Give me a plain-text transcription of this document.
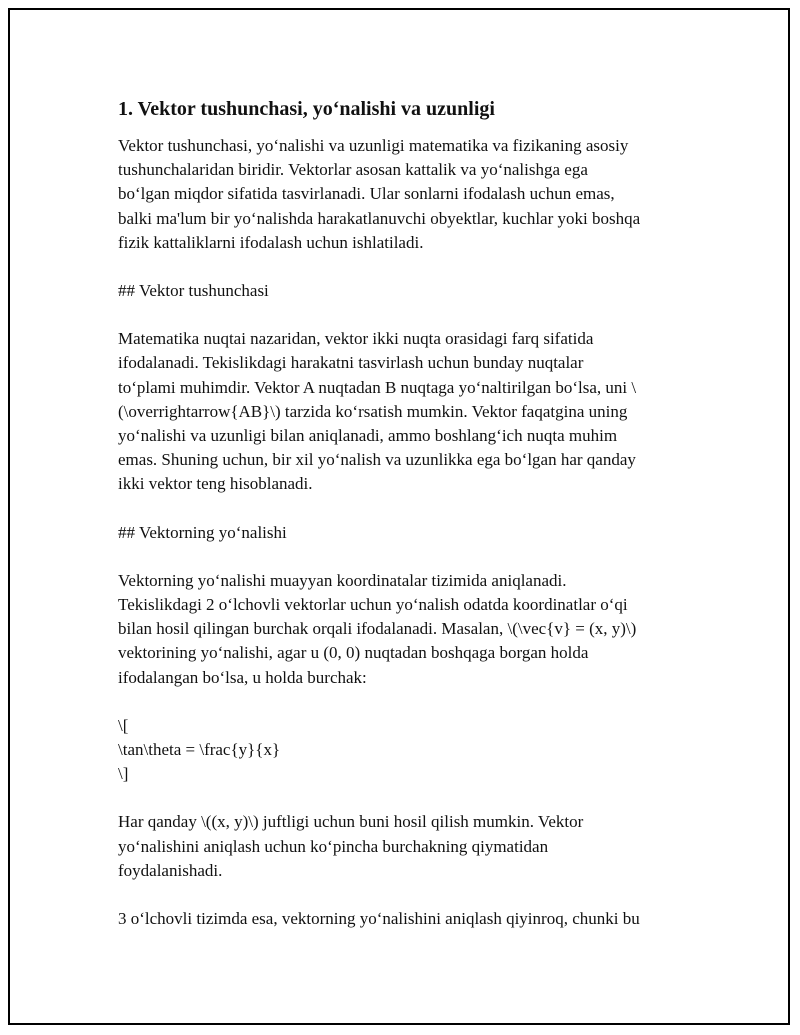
1. Vektor tushunchasi, yo‘nalishi va uzunligi

Vektor tushunchasi, yo‘nalishi va uzunligi matematika va fizikaning asosiy
tushunchalaridan biridir. Vektorlar asosan kattalik va yo‘nalishga ega
bo‘lgan miqdor sifatida tasvirlanadi. Ular sonlarni ifodalash uchun emas,
balki ma'lum bir yo‘nalishda harakatlanuvchi obyektlar, kuchlar yoki boshqa
fizik kattaliklarni ifodalash uchun ishlatiladi.

## Vektor tushunchasi

Matematika nuqtai nazaridan, vektor ikki nuqta orasidagi farq sifatida
ifodalanadi. Tekislikdagi harakatni tasvirlash uchun bunday nuqtalar
to‘plami muhimdir. Vektor A nuqtadan B nuqtaga yo‘naltirilgan bo‘lsa, uni \
(\overrightarrow{AB}\) tarzida ko‘rsatish mumkin. Vektor faqatgina uning
yo‘nalishi va uzunligi bilan aniqlanadi, ammo boshlang‘ich nuqta muhim
emas. Shuning uchun, bir xil yo‘nalish va uzunlikka ega bo‘lgan har qanday
ikki vektor teng hisoblanadi.

## Vektorning yo‘nalishi

Vektorning yo‘nalishi muayyan koordinatalar tizimida aniqlanadi.
Tekislikdagi 2 o‘lchovli vektorlar uchun yo‘nalish odatda koordinatlar o‘qi
bilan hosil qilingan burchak orqali ifodalanadi. Masalan, \(\vec{v} = (x, y)\)
vektorining yo‘nalishi, agar u (0, 0) nuqtadan boshqaga borgan holda
ifodalangan bo‘lsa, u holda burchak:

\[
\tan\theta = \frac{y}{x}
\]

Har qanday \((x, y)\) juftligi uchun buni hosil qilish mumkin. Vektor
yo‘nalishini aniqlash uchun ko‘pincha burchakning qiymatidan
foydalanishadi.

3 o‘lchovli tizimda esa, vektorning yo‘nalishini aniqlash qiyinroq, chunki bu
